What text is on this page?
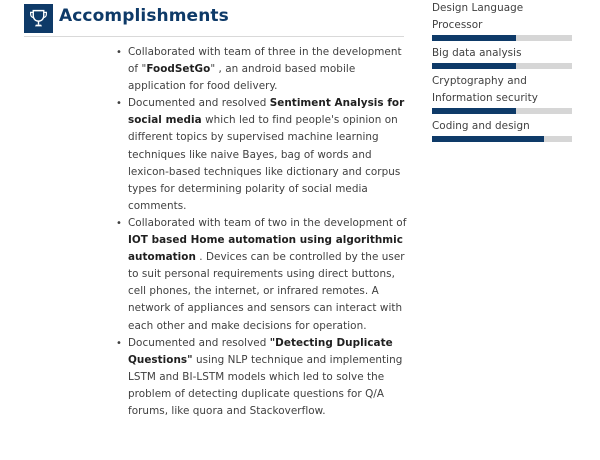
Accomplishments
• Collaborated with team of three in the development of "FoodSetGo" , an android based mobile application for food delivery.
• Documented and resolved Sentiment Analysis for social media which led to find people's opinion on different topics by supervised machine learning techniques like naive Bayes, bag of words and lexicon-based techniques like dictionary and corpus types for determining polarity of social media comments.
• Collaborated with team of two in the development of IOT based Home automation using algorithmic automation . Devices can be controlled by the user to suit personal requirements using direct buttons, cell phones, the internet, or infrared remotes. A network of appliances and sensors can interact with each other and make decisions for operation.
• Documented and resolved "Detecting Duplicate Questions" using NLP technique and implementing LSTM and BI-LSTM models which led to solve the problem of detecting duplicate questions for Q/A forums, like quora and Stackoverflow.
Design Language Processor
Big data analysis
Cryptography and Information security
Coding and design
